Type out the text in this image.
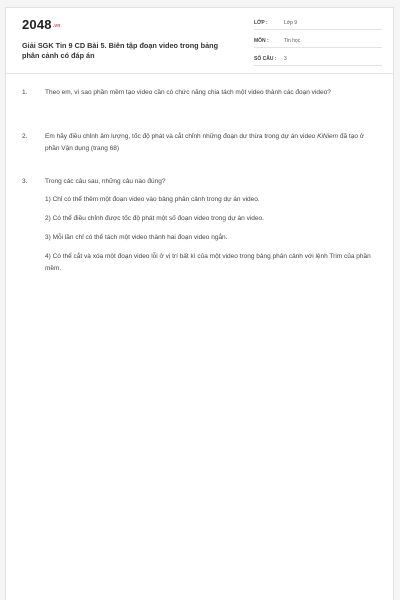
2048.vn
Giải SGK Tin 9 CD Bài 5. Biên tập đoạn video trong bảng phân cảnh có đáp án
LỚP :	Lớp 9
MÔN :	Tin học
SỐ CÂU : 3
1.	Theo em, vì sao phần mềm tạo video cần có chức năng chia tách một video thành các đoạn video?
2.	Em hãy điều chỉnh âm lượng, tốc độ phát và cắt chỉnh những đoạn dư thừa trong dự án video KiNiem đã tạo ở phần Vận dụng (trang 68)
3.	Trong các câu sau, những câu nào đúng?
1) Chỉ có thể thêm một đoạn video vào bảng phân cảnh trong dự án video.
2) Có thể điều chỉnh được tốc độ phát một số đoạn video trong dự án video.
3) Mỗi lần chỉ có thể tách một video thành hai đoạn video ngắn.
4) Có thể cắt và xóa một đoạn video lỗi ở vị trí bất kì của một video trong bảng phân cảnh với lệnh Trim của phần mềm.
